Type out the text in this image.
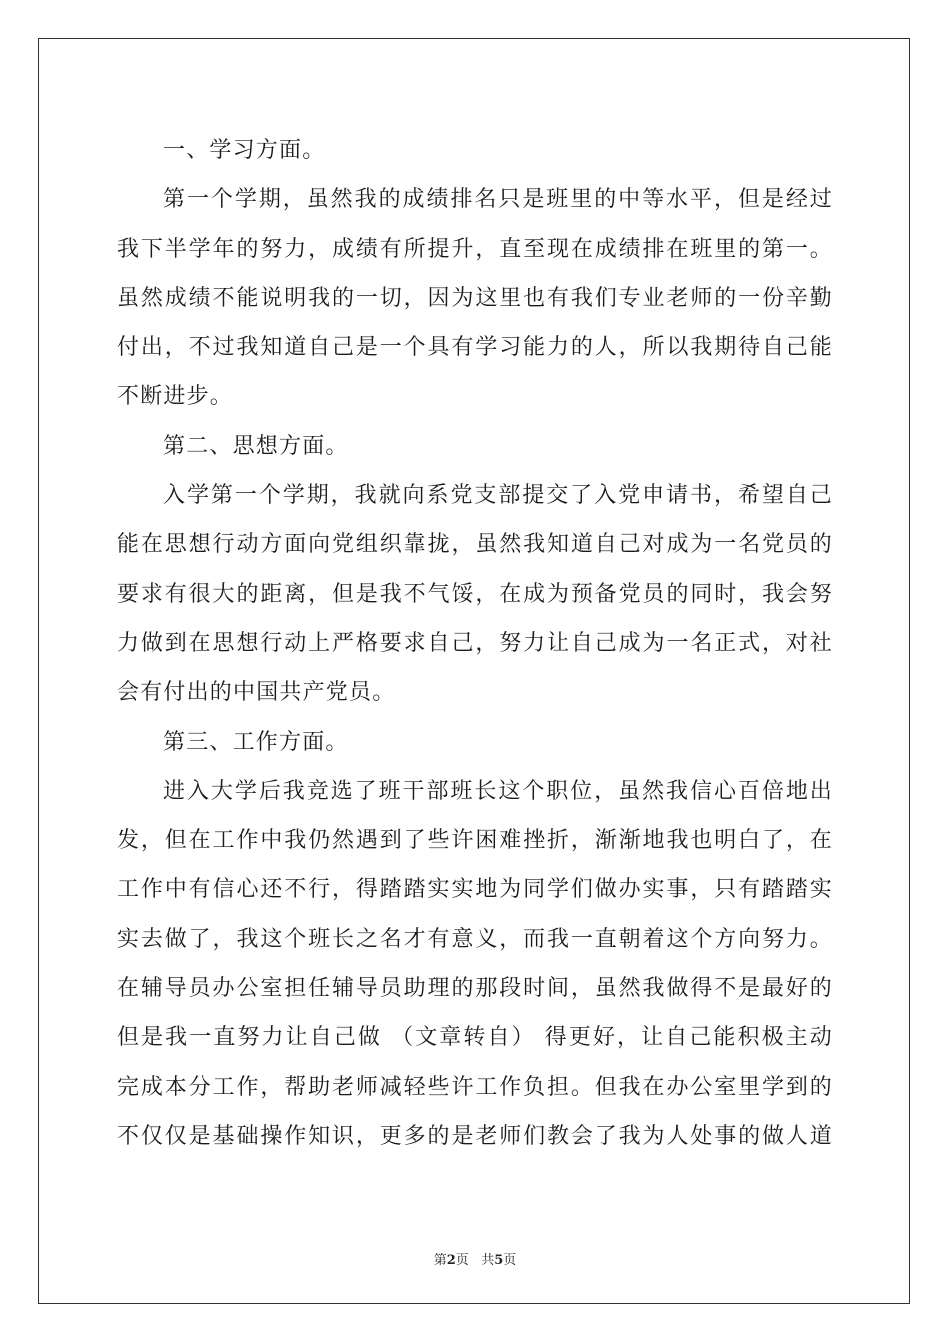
一、学习方面。
第一个学期，虽然我的成绩排名只是班里的中等水平，但是经过
我下半学年的努力，成绩有所提升，直至现在成绩排在班里的第一。
虽然成绩不能说明我的一切，因为这里也有我们专业老师的一份辛勤
付出，不过我知道自己是一个具有学习能力的人，所以我期待自己能
不断进步。
第二、思想方面。
入学第一个学期，我就向系党支部提交了入党申请书，希望自己
能在思想行动方面向党组织靠拢，虽然我知道自己对成为一名党员的
要求有很大的距离，但是我不气馁，在成为预备党员的同时，我会努
力做到在思想行动上严格要求自己，努力让自己成为一名正式，对社
会有付出的中国共产党员。
第三、工作方面。
进入大学后我竞选了班干部班长这个职位，虽然我信心百倍地出
发，但在工作中我仍然遇到了些许困难挫折，渐渐地我也明白了，在
工作中有信心还不行，得踏踏实实地为同学们做办实事，只有踏踏实
实去做了，我这个班长之名才有意义，而我一直朝着这个方向努力。
在辅导员办公室担任辅导员助理的那段时间，虽然我做得不是最好的
但是我一直努力让自己做 （文章转自） 得更好，让自己能积极主动
完成本分工作，帮助老师减轻些许工作负担。但我在办公室里学到的
不仅仅是基础操作知识，更多的是老师们教会了我为人处事的做人道
第2页 共5页
